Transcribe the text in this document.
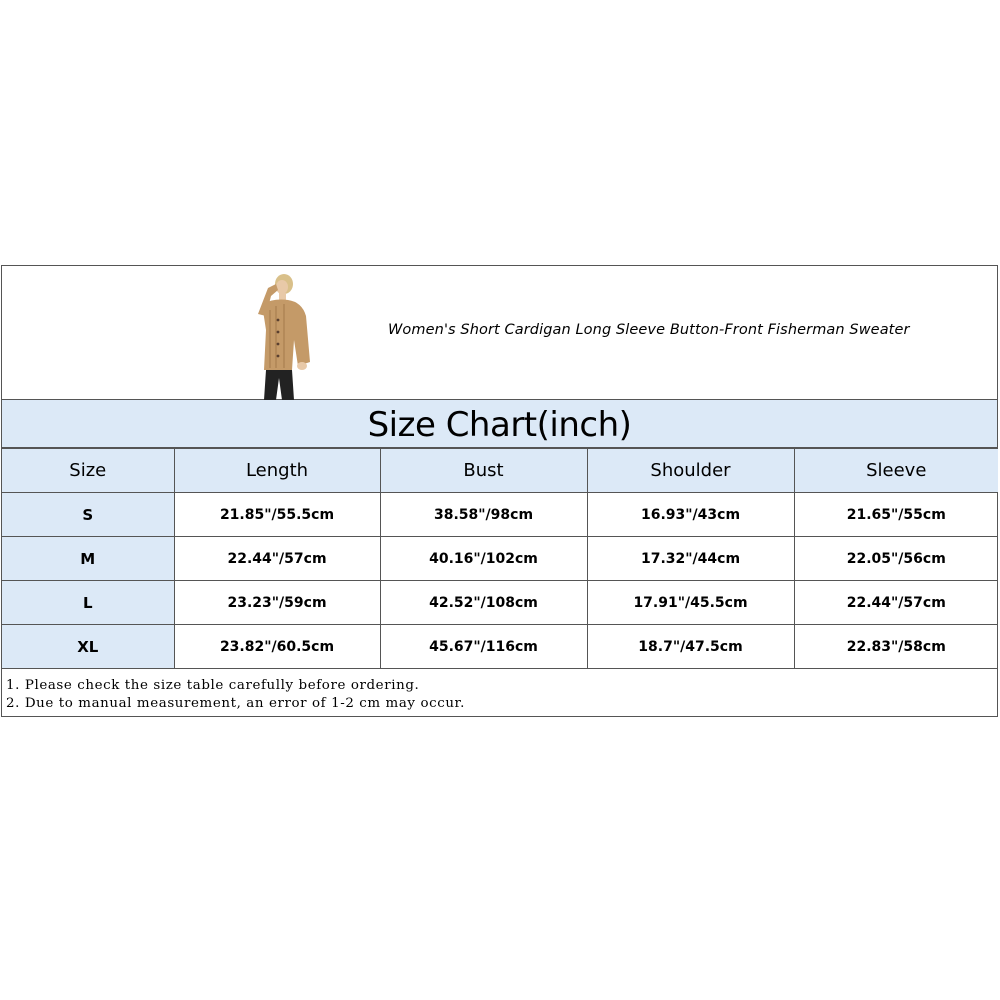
Women's Short Cardigan Long Sleeve Button-Front Fisherman Sweater
Size Chart(inch)
Size	Length	Bust	Shoulder	Sleeve
S	21.85"/55.5cm	38.58"/98cm	16.93"/43cm	21.65"/55cm
M	22.44"/57cm	40.16"/102cm	17.32"/44cm	22.05"/56cm
L	23.23"/59cm	42.52"/108cm	17.91"/45.5cm	22.44"/57cm
XL	23.82"/60.5cm	45.67"/116cm	18.7"/47.5cm	22.83"/58cm
1. Please check the size table carefully before ordering.
2. Due to manual measurement, an error of 1-2 cm may occur.
